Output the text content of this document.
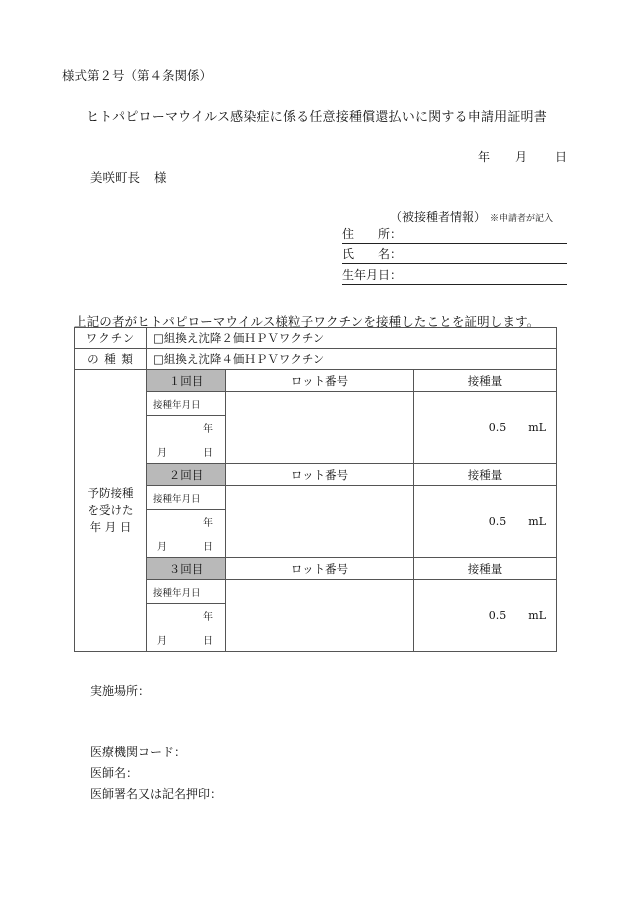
様式第２号（第４条関係）
ヒトパピローマウイルス感染症に係る任意接種償還払いに関する申請用証明書
年 月 日
美咲町長 様
（被接種者情報） ※申請者が記入
住　　所：
氏　　名：
生年月日：
上記の者がヒトパピローマウイルス様粒子ワクチンを接種したことを証明します。
ワクチン	□組換え沈降２価ＨＰＶワクチン		
の 種 類	□組換え沈降４価ＨＰＶワクチン		

予防接種
を受けた
年 月 日	１回目	ロット番号	接種量
	接種年月日		0.5 mL

	年		

	月 日		

	２回目	ロット番号	接種量
	接種年月日		0.5 mL

	年		

	月 日		

	３回目	ロット番号	接種量
	接種年月日		0.5 mL

	年		

	月 日		
実施場所：
医療機関コード：
医師名：
医師署名又は記名押印：
